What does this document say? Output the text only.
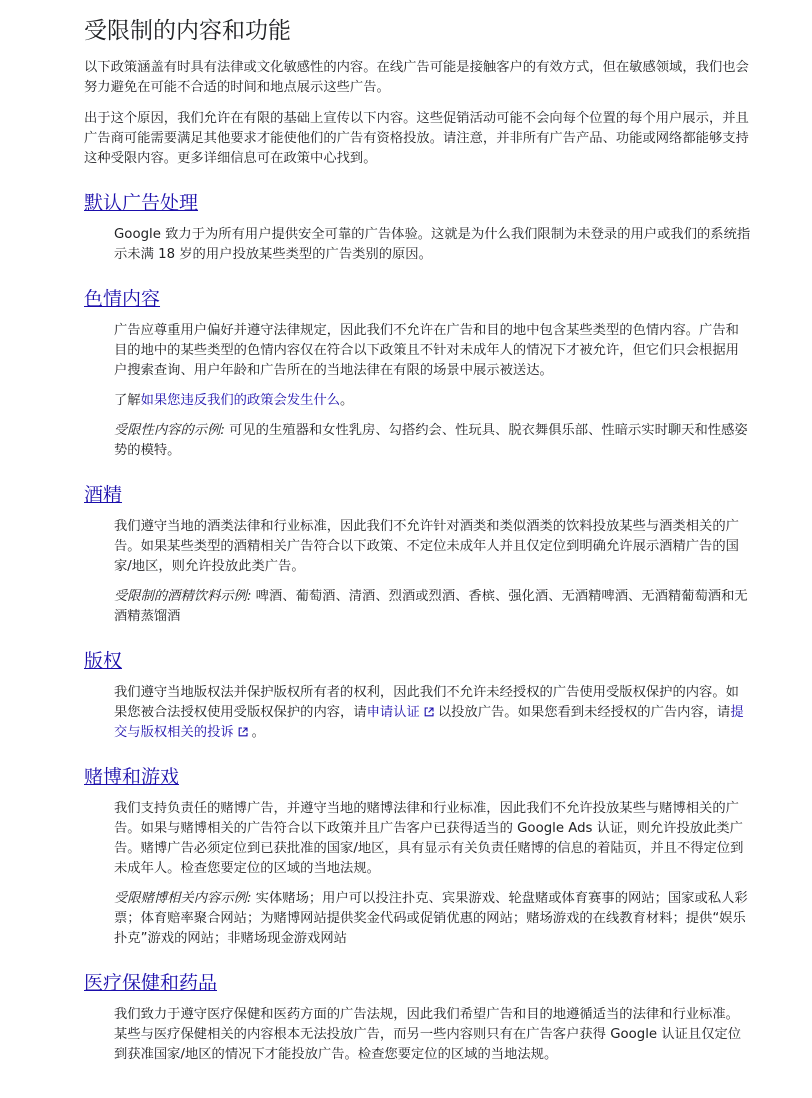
受限制的内容和功能

以下政策涵盖有时具有法律或文化敏感性的内容。在线广告可能是接触客户的有效方式，但在敏感领域，我们也会努力避免在可能不合适的时间和地点展示这些广告。

出于这个原因，我们允许在有限的基础上宣传以下内容。这些促销活动可能不会向每个位置的每个用户展示，并且广告商可能需要满足其他要求才能使他们的广告有资格投放。请注意，并非所有广告产品、功能或网络都能够支持这种受限内容。更多详细信息可在政策中心找到。

默认广告处理

Google 致力于为所有用户提供安全可靠的广告体验。这就是为什么我们限制为未登录的用户或我们的系统指示未满 18 岁的用户投放某些类型的广告类别的原因。

色情内容

广告应尊重用户偏好并遵守法律规定，因此我们不允许在广告和目的地中包含某些类型的色情内容。广告和目的地中的某些类型的色情内容仅在符合以下政策且不针对未成年人的情况下才被允许，但它们只会根据用户搜索查询、用户年龄和广告所在的当地法律在有限的场景中展示被送达。

了解如果您违反我们的政策会发生什么。

受限性内容的示例: 可见的生殖器和女性乳房、勾搭约会、性玩具、脱衣舞俱乐部、性暗示实时聊天和性感姿势的模特。

酒精

我们遵守当地的酒类法律和行业标准，因此我们不允许针对酒类和类似酒类的饮料投放某些与酒类相关的广告。如果某些类型的酒精相关广告符合以下政策、不定位未成年人并且仅定位到明确允许展示酒精广告的国家/地区，则允许投放此类广告。

受限制的酒精饮料示例: 啤酒、葡萄酒、清酒、烈酒或烈酒、香槟、强化酒、无酒精啤酒、无酒精葡萄酒和无酒精蒸馏酒

版权

我们遵守当地版权法并保护版权所有者的权利，因此我们不允许未经授权的广告使用受版权保护的内容。如果您被合法授权使用受版权保护的内容，请申请认证 以投放广告。如果您看到未经授权的广告内容，请提交与版权相关的投诉 。

赌博和游戏

我们支持负责任的赌博广告，并遵守当地的赌博法律和行业标准，因此我们不允许投放某些与赌博相关的广告。如果与赌博相关的广告符合以下政策并且广告客户已获得适当的 Google Ads 认证，则允许投放此类广告。赌博广告必须定位到已获批准的国家/地区，具有显示有关负责任赌博的信息的着陆页，并且不得定位到未成年人。检查您要定位的区域的当地法规。

受限赌博相关内容示例: 实体赌场；用户可以投注扑克、宾果游戏、轮盘赌或体育赛事的网站；国家或私人彩票；体育赔率聚合网站；为赌博网站提供奖金代码或促销优惠的网站；赌场游戏的在线教育材料；提供“娱乐扑克”游戏的网站；非赌场现金游戏网站

医疗保健和药品

我们致力于遵守医疗保健和医药方面的广告法规，因此我们希望广告和目的地遵循适当的法律和行业标准。某些与医疗保健相关的内容根本无法投放广告，而另一些内容则只有在广告客户获得 Google 认证且仅定位到获准国家/地区的情况下才能投放广告。检查您要定位的区域的当地法规。
